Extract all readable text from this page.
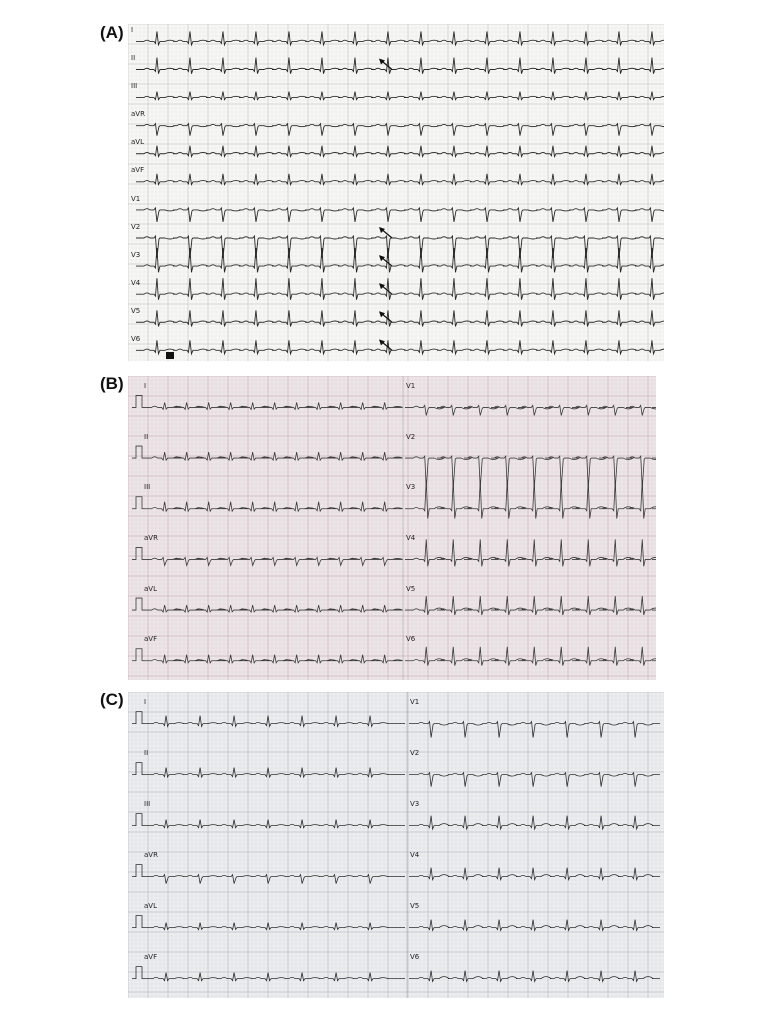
(A) I
II
III
aVR
aVL
aVF
V1
V2
V3
V4
V5
V6
(B)	I	V1
II	V2
III	V3
aVR	V4
aVL	V5
aVF	V6
(C)	I	V1
II	V2
III	V3
aVR	V4
aVL	V5
aVF	V6
